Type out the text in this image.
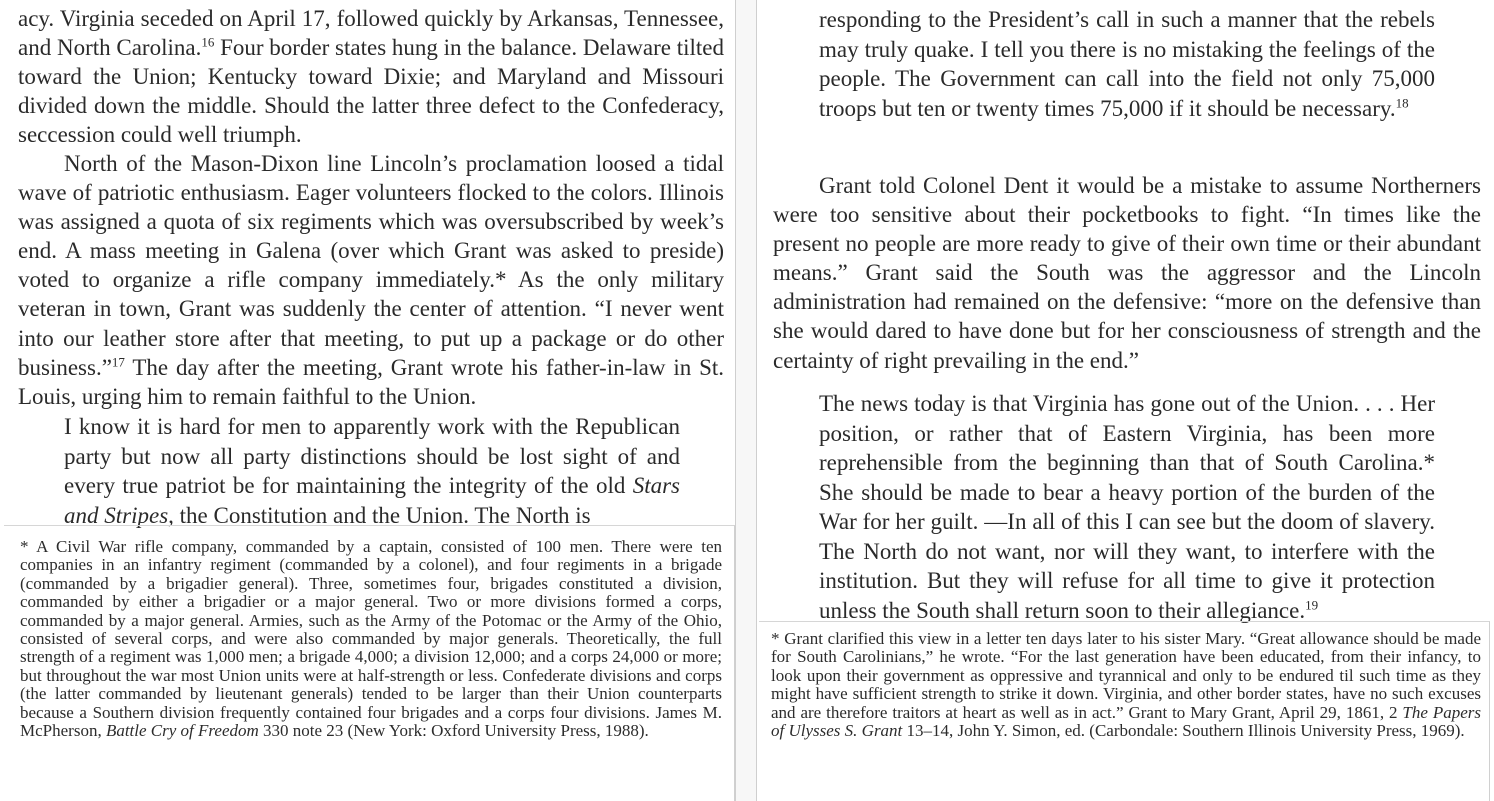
acy. Virginia seceded on April 17, followed quickly by Arkansas, Tennessee, and North Carolina.$^{16}$ Four border states hung in the balance. Delaware tilted toward the Union; Kentucky toward Dixie; and Maryland and Missouri divided down the middle. Should the latter three defect to the Confederacy, seccession could well triumph.

North of the Mason-Dixon line Lincoln’s proclamation loosed a tidal wave of patriotic enthusiasm. Eager volunteers flocked to the colors. Illinois was assigned a quota of six regiments which was oversubscribed by week’s end. A mass meeting in Galena (over which Grant was asked to preside) voted to organize a rifle company immediately.* As the only military veteran in town, Grant was suddenly the center of attention. “I never went into our leather store after that meeting, to put up a package or do other business.”$^{17}$ The day after the meeting, Grant wrote his father-in-law in St. Louis, urging him to remain faithful to the Union.

I know it is hard for men to apparently work with the Republican party but now all party distinctions should be lost sight of and every true patriot be for maintaining the integrity of the old Stars and Stripes, the Constitution and the Union. The North is

* A Civil War rifle company, commanded by a captain, consisted of 100 men. There were ten companies in an infantry regiment (commanded by a colonel), and four regiments in a brigade (commanded by a brigadier general). Three, sometimes four, brigades constituted a division, commanded by either a brigadier or a major general. Two or more divisions formed a corps, commanded by a major general. Armies, such as the Army of the Potomac or the Army of the Ohio, consisted of several corps, and were also commanded by major generals. Theoretically, the full strength of a regiment was 1,000 men; a brigade 4,000; a division 12,000; and a corps 24,000 or more; but throughout the war most Union units were at half-strength or less. Confederate divisions and corps (the latter commanded by lieutenant generals) tended to be larger than their Union counterparts because a Southern division frequently contained four brigades and a corps four divisions. James M. McPherson, Battle Cry of Freedom 330 note 23 (New York: Oxford University Press, 1988).

responding to the President’s call in such a manner that the rebels may truly quake. I tell you there is no mistaking the feelings of the people. The Government can call into the field not only 75,000 troops but ten or twenty times 75,000 if it should be necessary.$^{18}$

Grant told Colonel Dent it would be a mistake to assume Northerners were too sensitive about their pocketbooks to fight. “In times like the present no people are more ready to give of their own time or their abundant means.” Grant said the South was the aggressor and the Lincoln administration had remained on the defensive: “more on the defensive than she would dared to have done but for her consciousness of strength and the certainty of right prevailing in the end.”

The news today is that Virginia has gone out of the Union. . . . Her position, or rather that of Eastern Virginia, has been more reprehensible from the beginning than that of South Carolina.* She should be made to bear a heavy portion of the burden of the War for her guilt. —In all of this I can see but the doom of slavery. The North do not want, nor will they want, to interfere with the institution. But they will refuse for all time to give it protection unless the South shall return soon to their allegiance.$^{19}$

* Grant clarified this view in a letter ten days later to his sister Mary. “Great allowance should be made for South Carolinians,” he wrote. “For the last generation have been educated, from their infancy, to look upon their government as oppressive and tyrannical and only to be endured til such time as they might have sufficient strength to strike it down. Virginia, and other border states, have no such excuses and are therefore traitors at heart as well as in act.” Grant to Mary Grant, April 29, 1861, 2 The Papers of Ulysses S. Grant 13–14, John Y. Simon, ed. (Carbondale: Southern Illinois University Press, 1969).
